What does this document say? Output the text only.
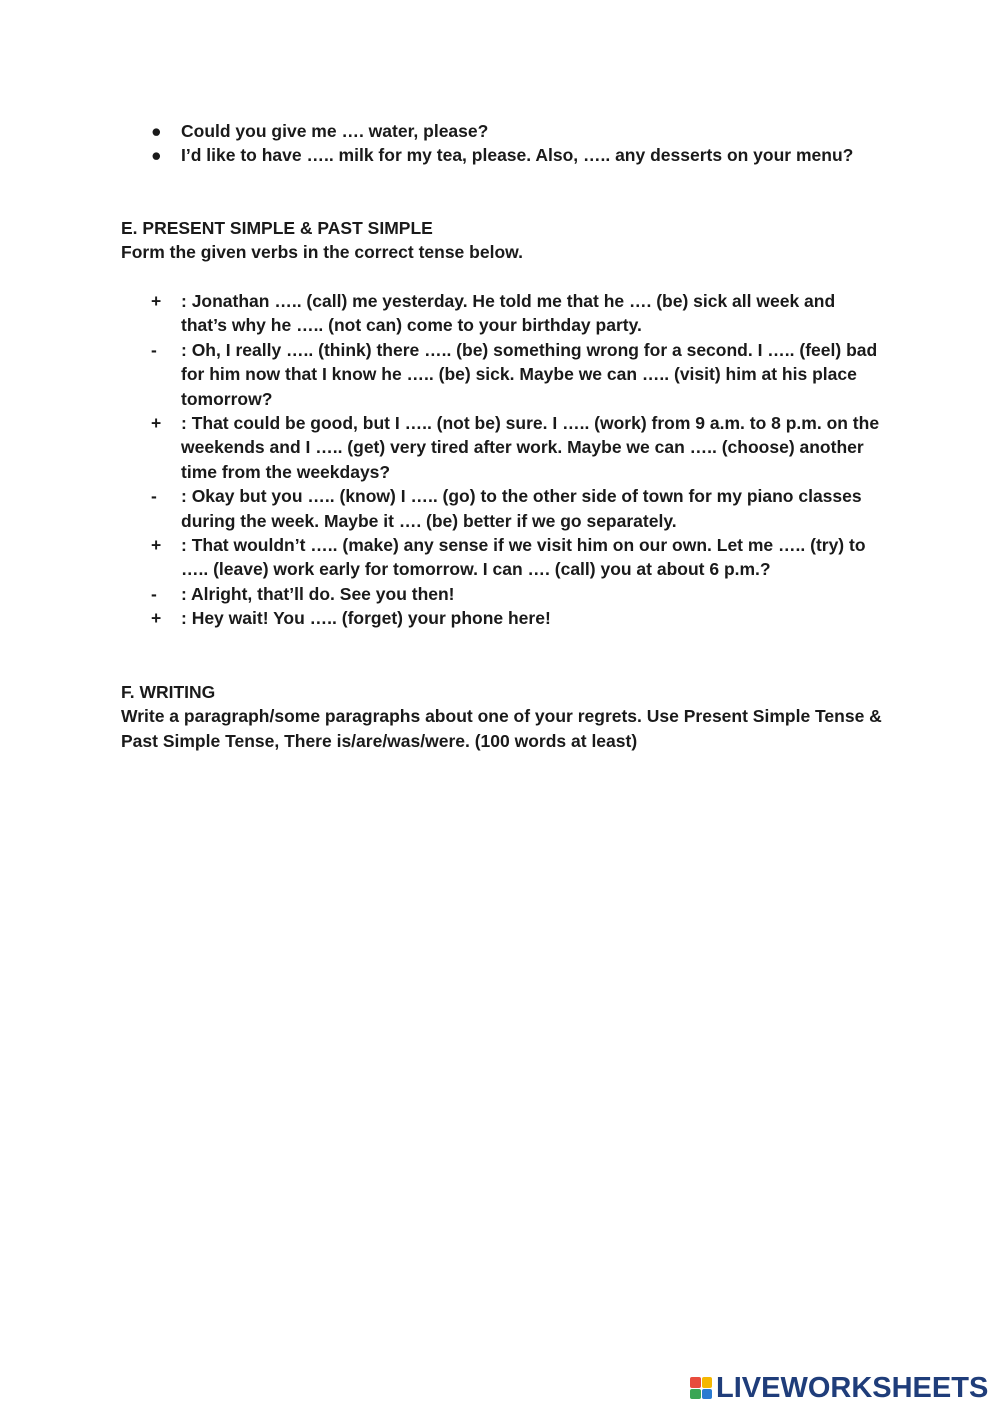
●	Could you give me …. water, please?
●	I’d like to have ….. milk for my tea, please. Also, ….. any desserts on your menu?
E. PRESENT SIMPLE & PAST SIMPLE
Form the given verbs in the correct tense below.
+	: Jonathan ….. (call) me yesterday. He told me that he …. (be) sick all week and that’s why he ….. (not can) come to your birthday party.
-	: Oh, I really ….. (think) there ….. (be) something wrong for a second. I ….. (feel) bad for him now that I know he ….. (be) sick. Maybe we can ….. (visit) him at his place tomorrow?
+	: That could be good, but I ….. (not be) sure. I ….. (work) from 9 a.m. to 8 p.m. on the weekends and I ….. (get) very tired after work. Maybe we can ….. (choose) another time from the weekdays?
-	: Okay but you ….. (know) I ….. (go) to the other side of town for my piano classes during the week. Maybe it …. (be) better if we go separately.
+	: That wouldn’t ….. (make) any sense if we visit him on our own. Let me ….. (try) to ….. (leave) work early for tomorrow. I can …. (call) you at about 6 p.m.?
-	: Alright, that’ll do. See you then!
+	: Hey wait! You ….. (forget) your phone here!
F. WRITING
Write a paragraph/some paragraphs about one of your regrets. Use Present Simple Tense & Past Simple Tense, There is/are/was/were. (100 words at least)
LIVEWORKSHEETS
